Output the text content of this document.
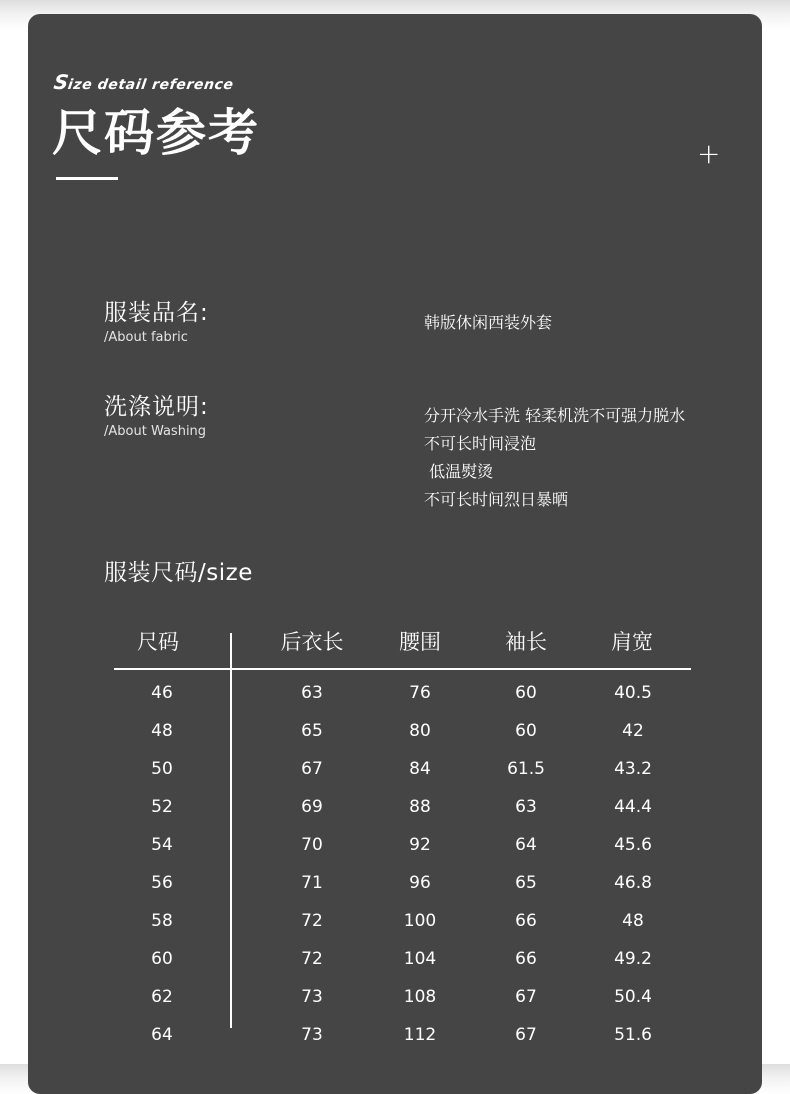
Size detail reference
尺码参考	+
服装品名:
/About fabric
韩版休闲西装外套
洗涤说明:
/About Washing
分开冷水手洗 轻柔机洗不可强力脱水
不可长时间浸泡
低温熨烫
不可长时间烈日暴晒
服装尺码/size
尺码	后衣长	腰围	袖长	肩宽
46	63	76	60	40.5
48	65	80	60	42
50	67	84	61.5	43.2
52	69	88	63	44.4
54	70	92	64	45.6
56	71	96	65	46.8
58	72	100	66	48
60	72	104	66	49.2
62	73	108	67	50.4
64	73	112	67	51.6
